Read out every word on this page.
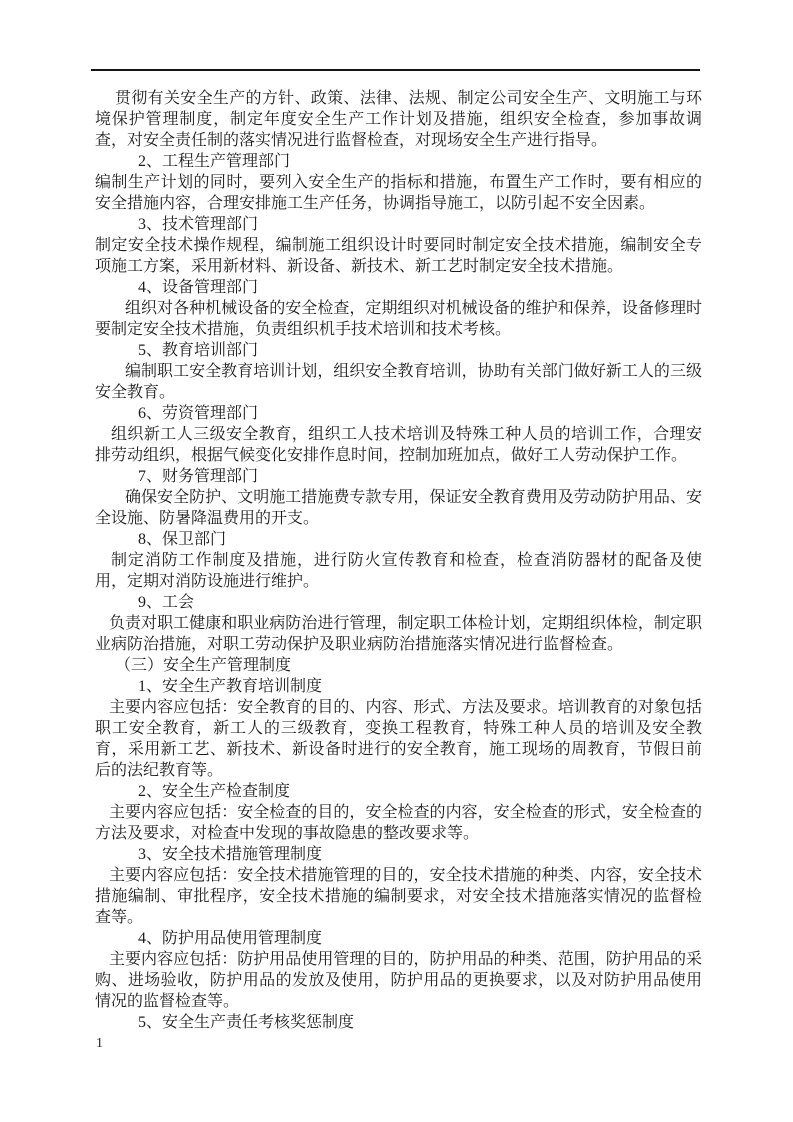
贯彻有关安全生产的方针、政策、法律、法规、制定公司安全生产、文明施工与环境保护管理制度，制定年度安全生产工作计划及措施，组织安全检查，参加事故调查，对安全责任制的落实情况进行监督检查，对现场安全生产进行指导。
2、工程生产管理部门
编制生产计划的同时，要列入安全生产的指标和措施，布置生产工作时，要有相应的安全措施内容，合理安排施工生产任务，协调指导施工，以防引起不安全因素。
3、技术管理部门
制定安全技术操作规程，编制施工组织设计时要同时制定安全技术措施，编制安全专项施工方案，采用新材料、新设备、新技术、新工艺时制定安全技术措施。
4、设备管理部门
组织对各种机械设备的安全检查，定期组织对机械设备的维护和保养，设备修理时要制定安全技术措施，负责组织机手技术培训和技术考核。
5、教育培训部门
编制职工安全教育培训计划，组织安全教育培训，协助有关部门做好新工人的三级安全教育。
6、劳资管理部门
组织新工人三级安全教育，组织工人技术培训及特殊工种人员的培训工作，合理安排劳动组织，根据气候变化安排作息时间，控制加班加点，做好工人劳动保护工作。
7、财务管理部门
确保安全防护、文明施工措施费专款专用，保证安全教育费用及劳动防护用品、安全设施、防暑降温费用的开支。
8、保卫部门
制定消防工作制度及措施，进行防火宣传教育和检查，检查消防器材的配备及使用，定期对消防设施进行维护。
9、工会
负责对职工健康和职业病防治进行管理，制定职工体检计划，定期组织体检，制定职业病防治措施，对职工劳动保护及职业病防治措施落实情况进行监督检查。
（三）安全生产管理制度
1、安全生产教育培训制度
主要内容应包括：安全教育的目的、内容、形式、方法及要求。培训教育的对象包括职工安全教育，新工人的三级教育，变换工程教育，特殊工种人员的培训及安全教育，采用新工艺、新技术、新设备时进行的安全教育，施工现场的周教育，节假日前后的法纪教育等。
2、安全生产检查制度
主要内容应包括：安全检查的目的，安全检查的内容，安全检查的形式，安全检查的方法及要求，对检查中发现的事故隐患的整改要求等。
3、安全技术措施管理制度
主要内容应包括：安全技术措施管理的目的，安全技术措施的种类、内容，安全技术措施编制、审批程序，安全技术措施的编制要求，对安全技术措施落实情况的监督检查等。
4、防护用品使用管理制度
主要内容应包括：防护用品使用管理的目的，防护用品的种类、范围，防护用品的采购、进场验收，防护用品的发放及使用，防护用品的更换要求，以及对防护用品使用情况的监督检查等。
5、安全生产责任考核奖惩制度
1
